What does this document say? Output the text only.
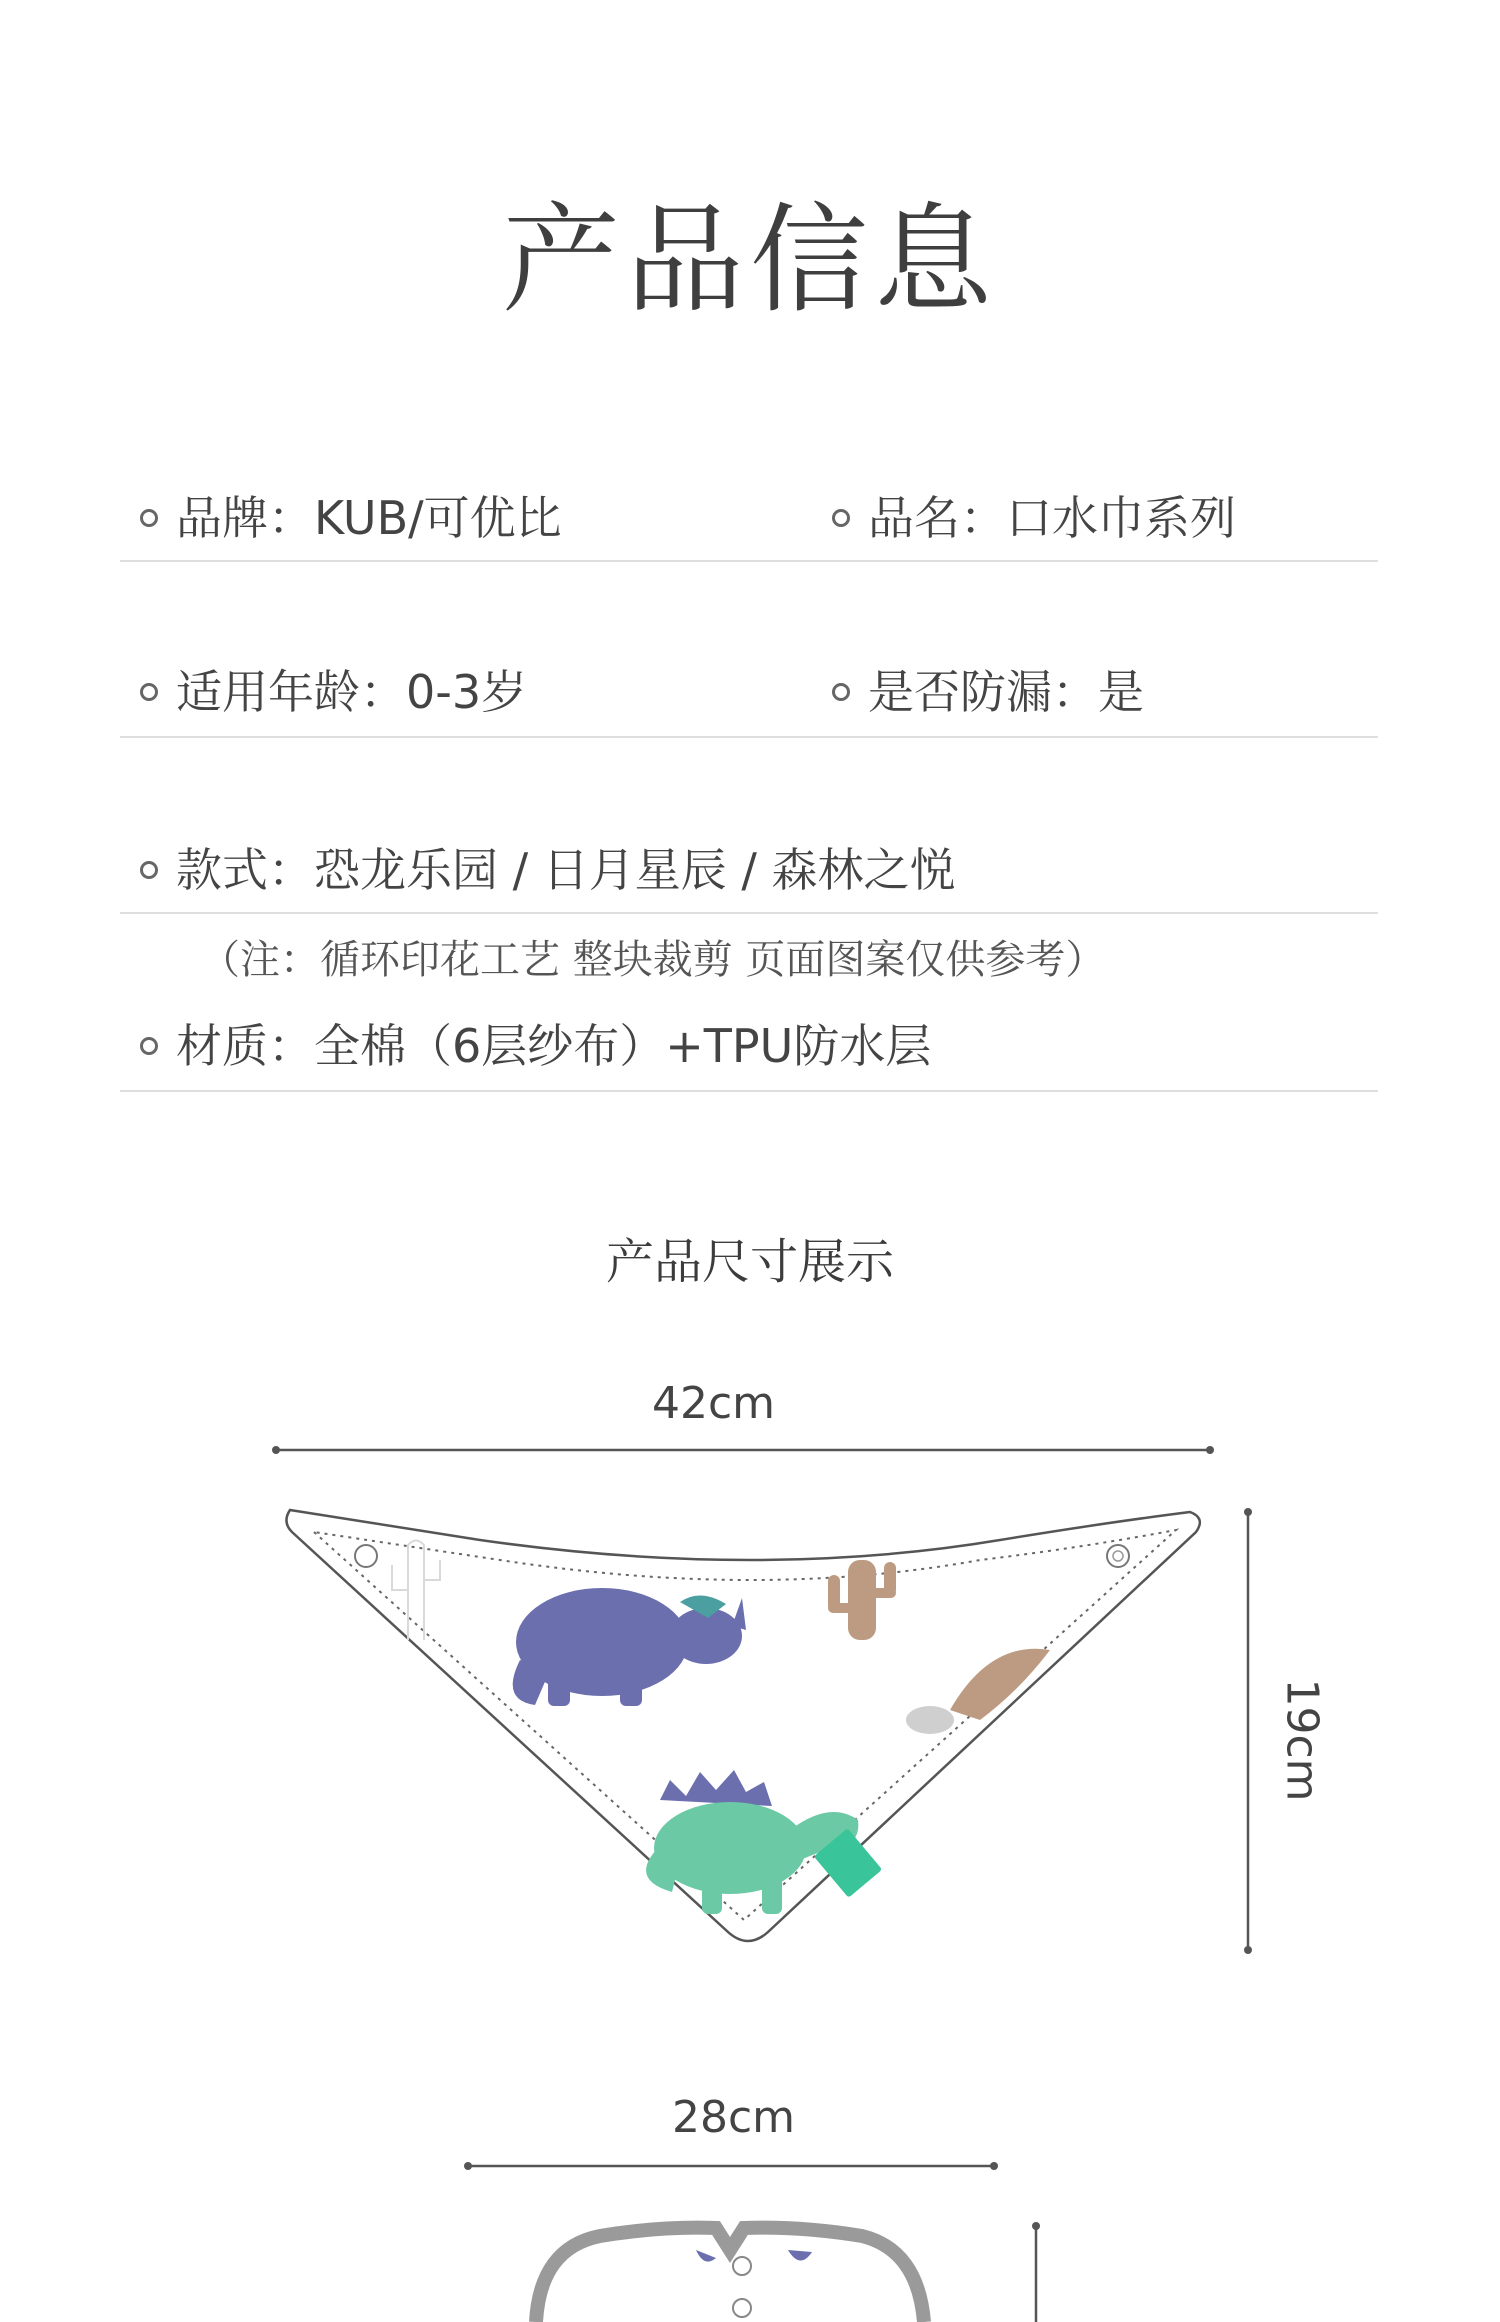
产品信息
品牌：KUB/可优比	品名：口水巾系列
适用年龄：0-3岁	是否防漏：是
款式：恐龙乐园 / 日月星辰 / 森林之悦
（注：循环印花工艺 整块裁剪 页面图案仅供参考）
材质：全棉（6层纱布）+TPU防水层
产品尺寸展示
42cm
19cm
28cm
